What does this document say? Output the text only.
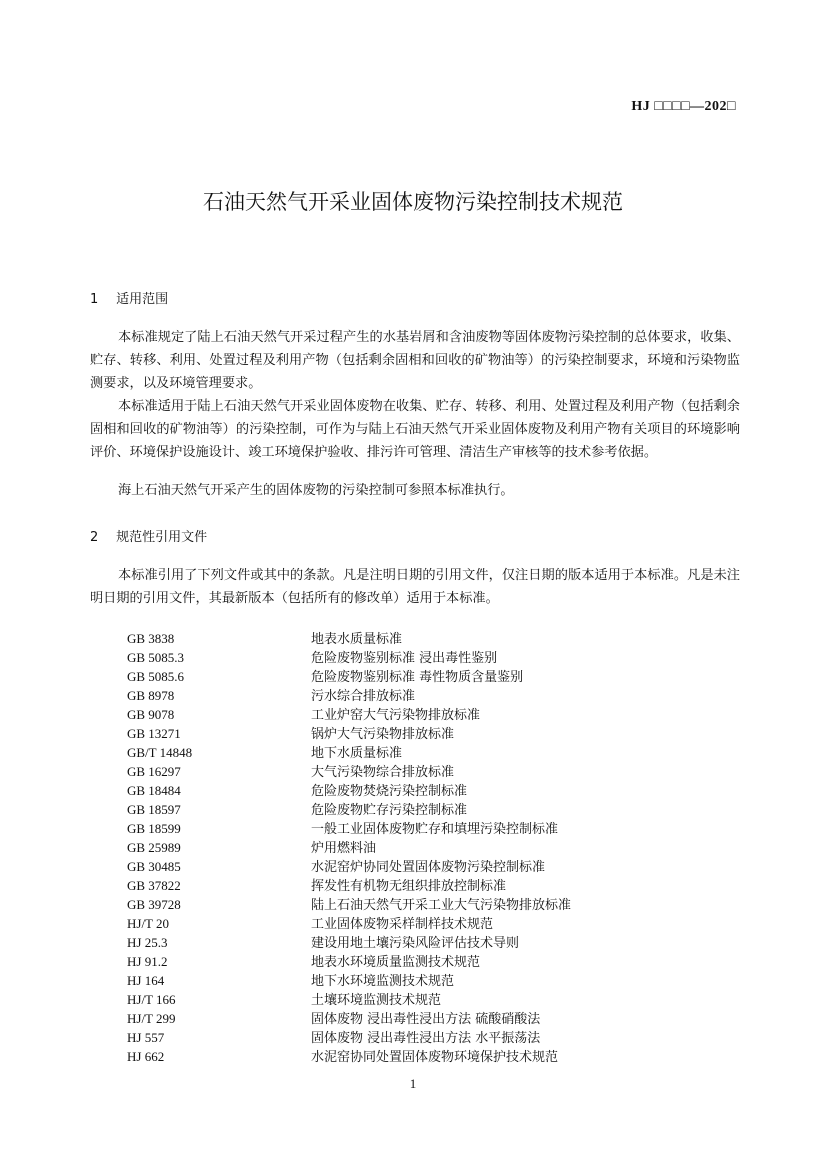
HJ □□□□—202□
石油天然气开采业固体废物污染控制技术规范
1 适用范围

本标准规定了陆上石油天然气开采过程产生的水基岩屑和含油废物等固体废物污染控制的总体要求，收集、贮存、转移、利用、处置过程及利用产物（包括剩余固相和回收的矿物油等）的污染控制要求，环境和污染物监测要求，以及环境管理要求。

本标准适用于陆上石油天然气开采业固体废物在收集、贮存、转移、利用、处置过程及利用产物（包括剩余固相和回收的矿物油等）的污染控制，可作为与陆上石油天然气开采业固体废物及利用产物有关项目的环境影响评价、环境保护设施设计、竣工环境保护验收、排污许可管理、清洁生产审核等的技术参考依据。

海上石油天然气开采产生的固体废物的污染控制可参照本标准执行。

2 规范性引用文件

本标准引用了下列文件或其中的条款。凡是注明日期的引用文件，仅注日期的版本适用于本标准。凡是未注明日期的引用文件，其最新版本（包括所有的修改单）适用于本标准。

GB 3838	地表水质量标准
GB 5085.3	危险废物鉴别标准 浸出毒性鉴别
GB 5085.6	危险废物鉴别标准 毒性物质含量鉴别
GB 8978	污水综合排放标准
GB 9078	工业炉窑大气污染物排放标准
GB 13271	锅炉大气污染物排放标准
GB/T 14848	地下水质量标准
GB 16297	大气污染物综合排放标准
GB 18484	危险废物焚烧污染控制标准
GB 18597	危险废物贮存污染控制标准
GB 18599	一般工业固体废物贮存和填埋污染控制标准
GB 25989	炉用燃料油
GB 30485	水泥窑炉协同处置固体废物污染控制标准
GB 37822	挥发性有机物无组织排放控制标准
GB 39728	陆上石油天然气开采工业大气污染物排放标准
HJ/T 20	工业固体废物采样制样技术规范
HJ 25.3	建设用地土壤污染风险评估技术导则
HJ 91.2	地表水环境质量监测技术规范
HJ 164	地下水环境监测技术规范
HJ/T 166	土壤环境监测技术规范
HJ/T 299	固体废物 浸出毒性浸出方法 硫酸硝酸法
HJ 557	固体废物 浸出毒性浸出方法 水平振荡法
HJ 662	水泥窑协同处置固体废物环境保护技术规范
1
